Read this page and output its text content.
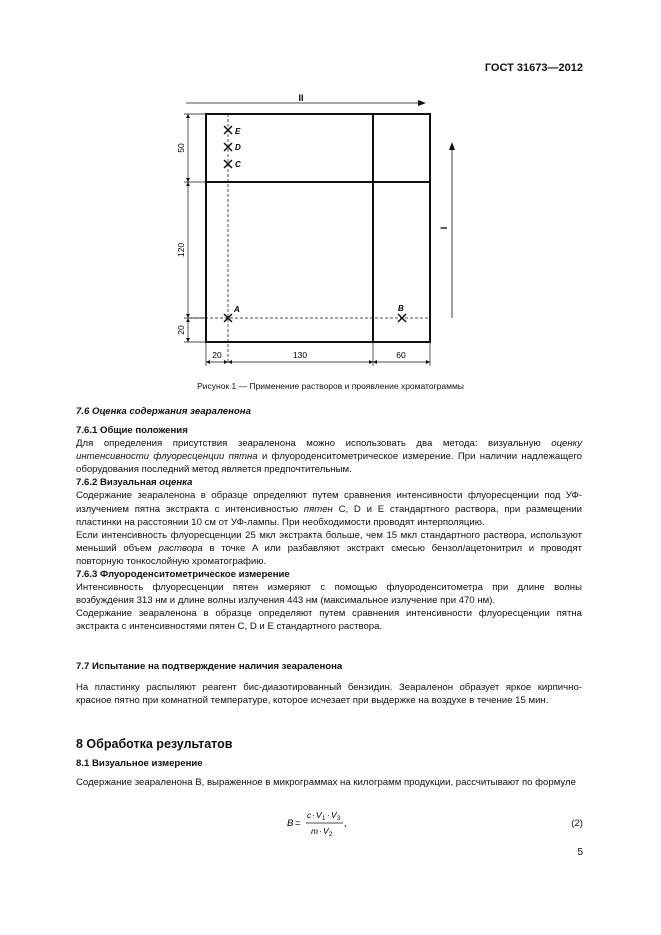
ГОСТ 31673—2012
II
I
50
120
20
20	130	60
E
D
C
A	B
Рисунок 1 — Применение растворов и проявление хроматограммы

7.6 Оценка содержания зеараленона

7.6.1 Общие положения

Для определения присутствия зеараленона можно использовать два метода: визуальную оценку интенсивности флуоресценции пятна и флуороденситометрическое измерение. При наличии надлежащего оборудования последний метод является предпочтительным.

7.6.2 Визуальная оценка

Содержание зеараленона в образце определяют путем сравнения интенсивности флуоресценции под УФ-излучением пятна экстракта с интенсивностью пятен C, D и E стандартного раствора, при размещении пластинки на расстоянии 10 см от УФ-лампы. При необходимости проводят интерполяцию.

Если интенсивность флуоресценции 25 мкл экстракта больше, чем 15 мкл стандартного раствора, используют меньший объем раствора в точке A или разбавляют экстракт смесью бензол/ацетонитрил и проводят повторную тонкослойную хроматографию.

7.6.3 Флуороденситометрическое измерение

Интенсивность флуоресценции пятен измеряют с помощью флуороденситометра при длине волны возбуждения 313 нм и длине волны излучения 443 нм (максимальное излучение при 470 нм).

Содержание зеараленона в образце определяют путем сравнения интенсивности флуоресценции пятна экстракта с интенсивностями пятен C, D и E стандартного раствора.

7.7 Испытание на подтверждение наличия зеараленона

На пластинку распыляют реагент бис-диазотированный бензидин. Зеараленон образует яркое кирпично-красное пятно при комнатной температуре, которое исчезает при выдержке на воздухе в течение 15 мин.

8 Обработка результатов

8.1 Визуальное измерение

Содержание зеараленона B, выраженное в микрограммах на килограмм продукции, рассчитывают по формуле

B =
c · V 1 · V 3
m · V 2
,	(2)
5
